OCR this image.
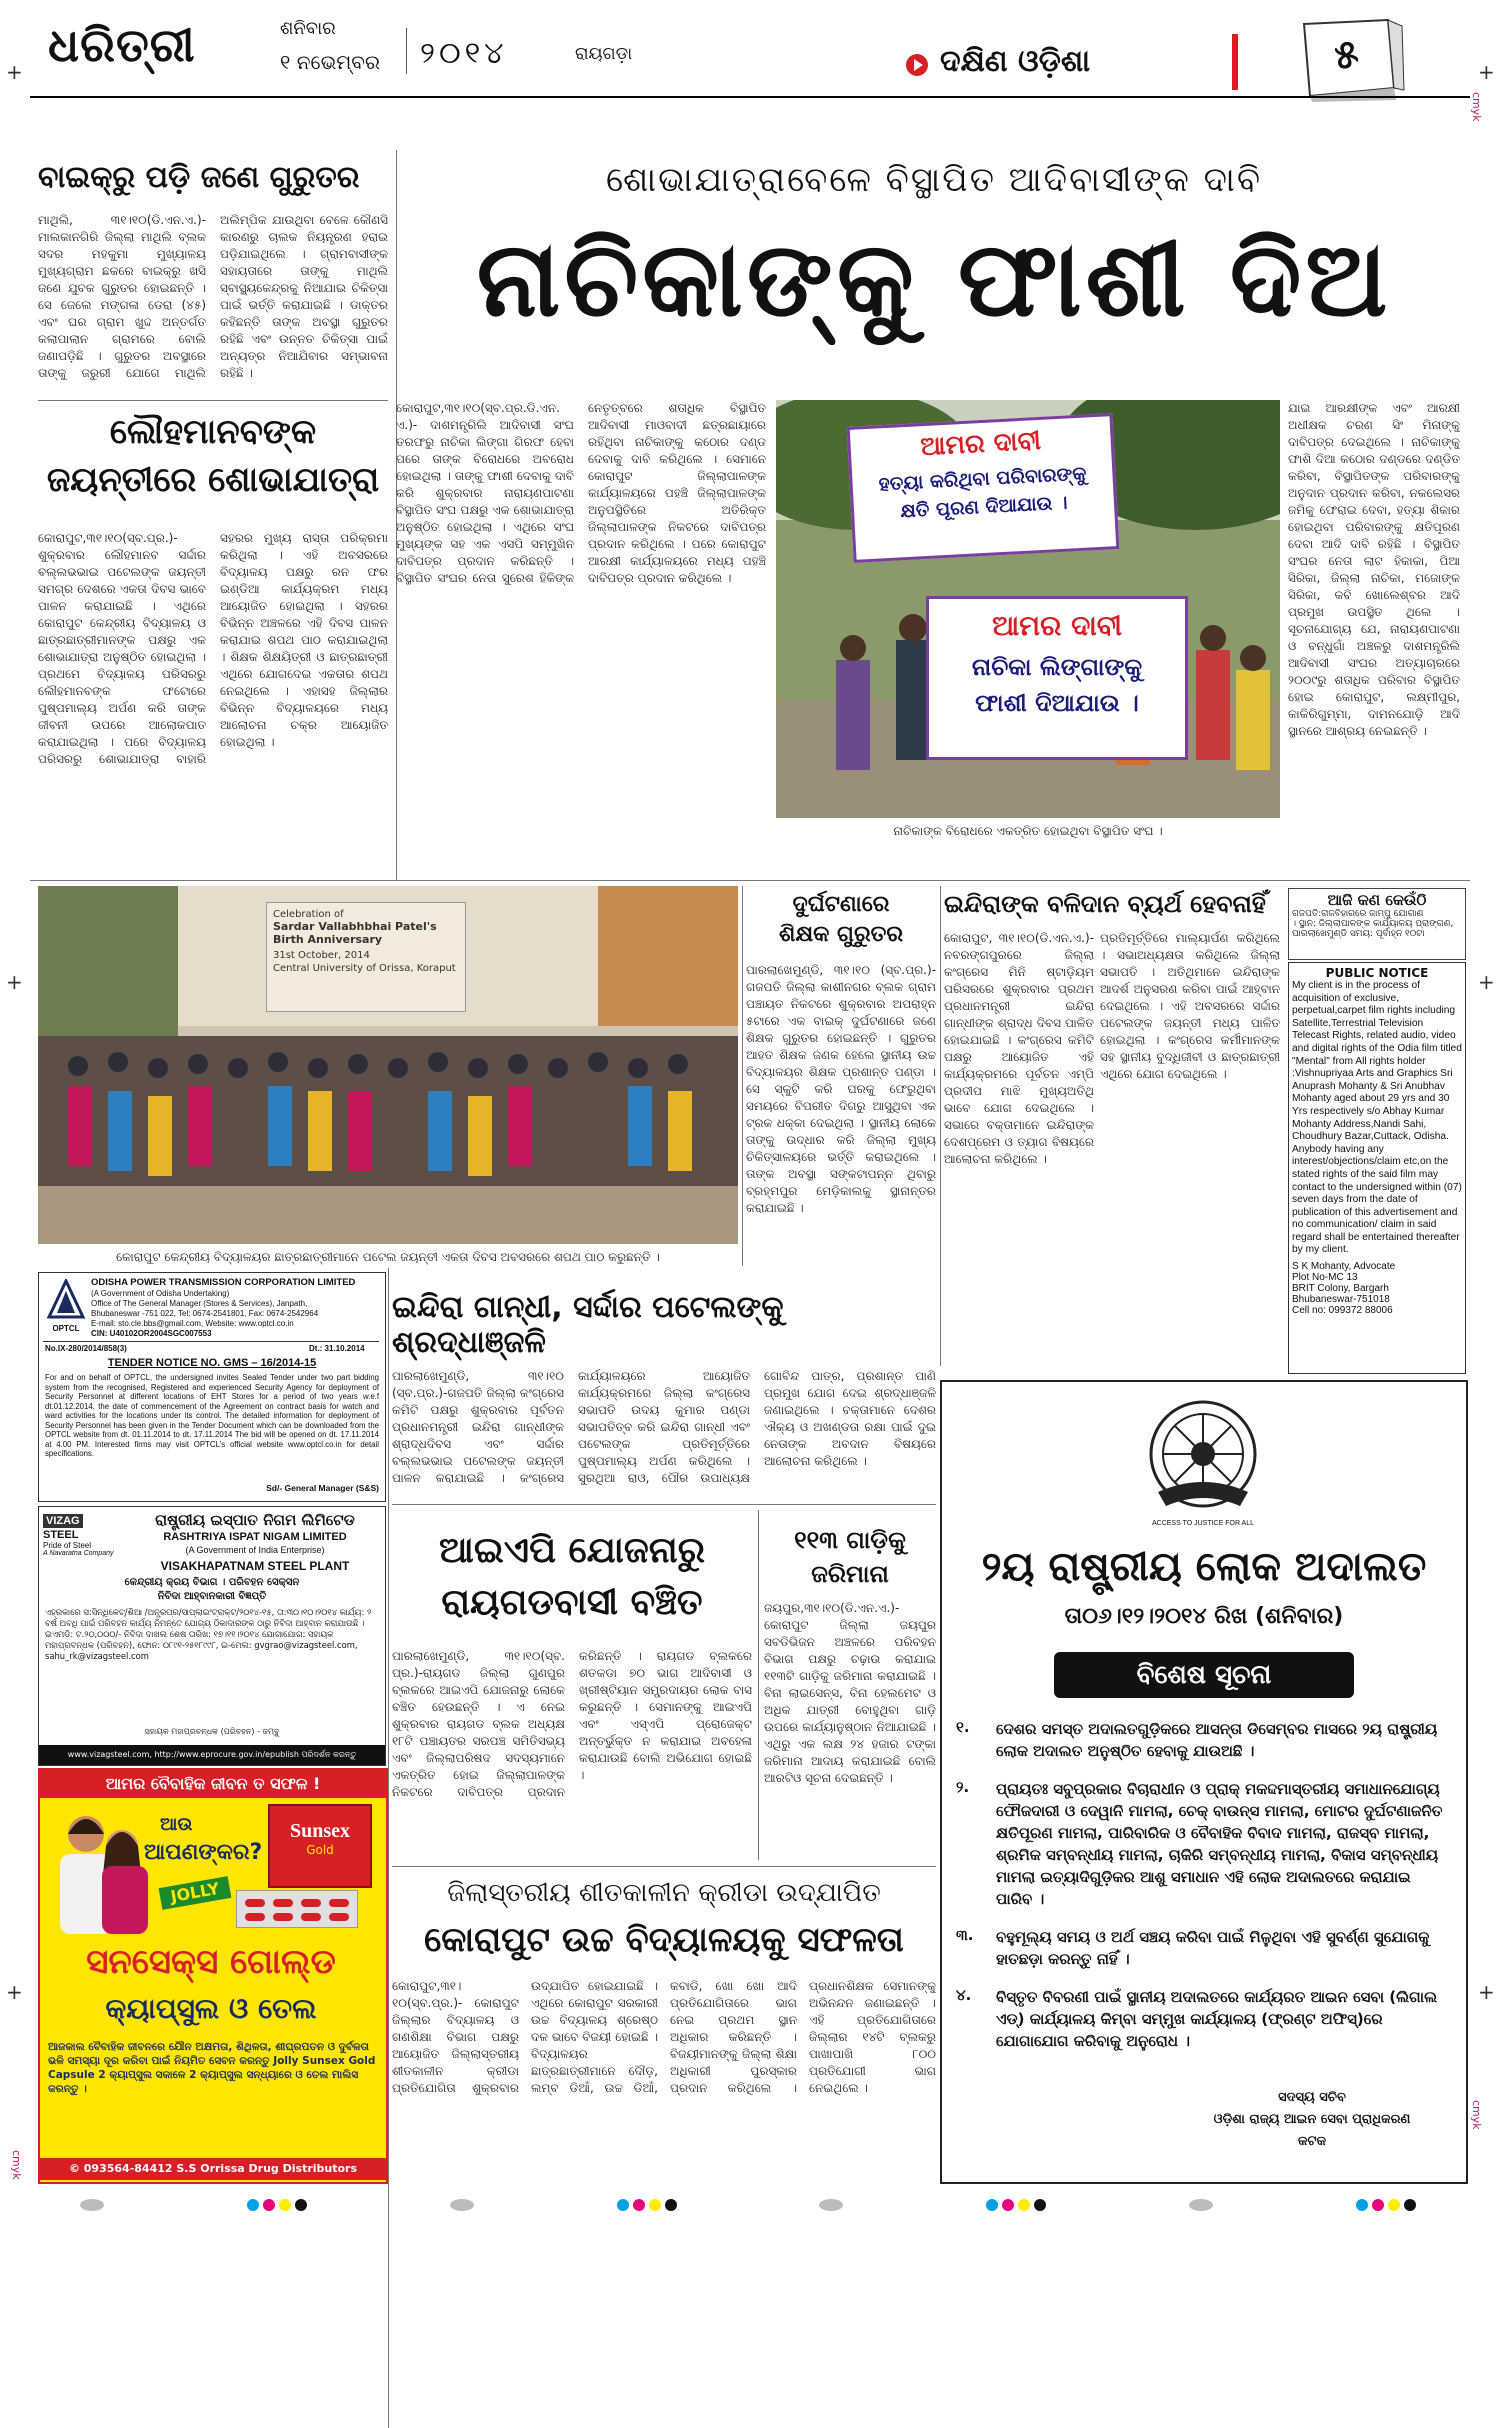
ଧରିତ୍ରୀ	ଶନିବାର
୧ ନଭେମ୍ବର ୨୦୧୪	ରାୟଗଡ଼ା	ଦକ୍ଷିଣ ଓଡ଼ିଶା	୫
+	+
+	+
+	+
cmyk
cmyk
cmyk
ବାଇକ୍‌ରୁ ପଡ଼ି ଜଣେ ଗୁରୁତର
ମାଥିଲି, ୩୧।୧୦(ଡି.ଏନ.ଏ.)- ମାଲକାନଗିରି ଜିଲ୍ଲା ମାଥିଲି ବ୍ଲକ ସଦର ମହକୁମା ମୁଖ୍ୟାଳୟ ମୁଖ୍ୟଗ୍ରାମ ଛକରେ ବାଇକ୍‌ରୁ ଖସି ଜଣେ ଯୁବକ ଗୁରୁତର ହୋଇଛନ୍ତି । ସେ ଜେଲେ ମଙ୍ଗଳା ଡେରା (୪୫) ଏବଂ ଘର ଗ୍ରାମ ଖୁଦ୍ଦ ଅନ୍ତର୍ଗତ କଲାପାଲାନ ଗ୍ରାମରେ ବୋଲି ଜଣାପଡ଼ିଛି । ଗୁରୁତର ଅବସ୍ଥାରେ ତାଙ୍କୁ ଜରୁରୀ ଯୋଗେ ମାଥିଲି ଅଲିମ୍ପିକ ଯାଉଥିବା ବେଳେ କୌଣସି କାରଣରୁ ଚାଲକ ନିୟନ୍ତ୍ରଣ ହରାଇ ପଡ଼ିଯାଇଥିଲେ । ଗ୍ରାମବାସୀଙ୍କ ସହାୟତାରେ ତାଙ୍କୁ ମାଥିଲି ସ୍ବାସ୍ଥ୍ୟକେନ୍ଦ୍ରକୁ ନିଆଯାଇ ଚିକିତ୍ସା ପାଇଁ ଭର୍ତ୍ତି କରାଯାଇଛି । ଡାକ୍ତର କହିଛନ୍ତି ତାଙ୍କ ଅବସ୍ଥା ଗୁରୁତର ରହିଛି ଏବଂ ଉନ୍ନତ ଚିକିତ୍ସା ପାଇଁ ଅନ୍ୟତ୍ର ନିଆଯିବାର ସମ୍ଭାବନା ରହିଛି ।
ଲୌହମାନବଙ୍କ
ଜୟନ୍ତୀରେ ଶୋଭାଯାତ୍ରା
କୋରାପୁଟ,୩୧।୧୦(ସ୍ବ.ପ୍ର.)- ଶୁକ୍ରବାର ଲୌହମାନବ ସର୍ଦ୍ଦାର ବଲ୍ଲଭଭାଇ ପଟେଲଙ୍କ ଜୟନ୍ତୀ ସମଗ୍ର ଦେଶରେ ଏକତା ଦିବସ ଭାବେ ପାଳନ କରାଯାଇଛି । ଏଥିରେ କୋରାପୁଟ କେନ୍ଦ୍ରୀୟ ବିଦ୍ୟାଳୟ ଓ ଛାତ୍ରଛାତ୍ରୀମାନଙ୍କ ପକ୍ଷରୁ ଏକ ଶୋଭାଯାତ୍ରା ଅନୁଷ୍ଠିତ ହୋଇଥିଲା । ପ୍ରଥମେ ବିଦ୍ୟାଳୟ ପରିସରରୁ ଲୌହମାନବଙ୍କ ଫଟୋରେ ପୁଷ୍ପମାଲ୍ୟ ଅର୍ପଣ କରି ତାଙ୍କ ଜୀବନୀ ଉପରେ ଆଲୋକପାତ କରାଯାଇଥିଲା । ପରେ ବିଦ୍ୟାଳୟ ପରିସରରୁ ଶୋଭାଯାତ୍ରା ବାହାରି ସହରର ମୁଖ୍ୟ ରାସ୍ତା ପରିକ୍ରମା କରିଥିଲା । ଏହି ଅବସରରେ ବିଦ୍ୟାଳୟ ପକ୍ଷରୁ ରନ ଫର ଇଣ୍ଡିଆ କାର୍ଯ୍ୟକ୍ରମ ମଧ୍ୟ ଆୟୋଜିତ ହୋଇଥିଲା । ସହରର ବିଭିନ୍ନ ଅଞ୍ଚଳରେ ଏହି ଦିବସ ପାଳନ କରାଯାଇ ଶପଥ ପାଠ କରାଯାଇଥିଲା । ଶିକ୍ଷକ ଶିକ୍ଷୟିତ୍ରୀ ଓ ଛାତ୍ରଛାତ୍ରୀ ଏଥିରେ ଯୋଗଦେଇ ଏକତାର ଶପଥ ନେଇଥିଲେ । ଏହାସହ ଜିଲ୍ଲାର ବିଭିନ୍ନ ବିଦ୍ୟାଳୟରେ ମଧ୍ୟ ଆଲୋଚନା ଚକ୍ର ଆୟୋଜିତ ହୋଇଥିଲା ।
ଶୋଭାଯାତ୍ରାବେଳେ ବିସ୍ଥାପିତ ଆଦିବାସୀଙ୍କ ଦାବି
ନାଚିକାଙ୍କୁ ଫାଶୀ ଦିଅ
କୋରାପୁଟ,୩୧।୧୦(ସ୍ବ.ପ୍ର.ଡି.ଏନ. ଏ.)- ଦାଶମନ୍ତ୍ରିଲି ଆଦିବାସୀ ସଂଘ ତରଫରୁ ନାଚିକା ଲିଙ୍ଗା ଗିରଫ ହେବା ପରେ ତାଙ୍କ ବିରୋଧରେ ଅବରୋଧ ହୋଇଥିଲା । ତାଙ୍କୁ ଫାଶୀ ଦେବାକୁ ଦାବି କରି ଶୁକ୍ରବାର ନାରାୟଣପାଟଣା ବିସ୍ଥାପିତ ସଂଘ ପକ୍ଷରୁ ଏକ ଶୋଭାଯାତ୍ରା ଅନୁଷ୍ଠିତ ହୋଇଥିଲା । ଏଥିରେ ସଂଘ ମୁଖ୍ୟଙ୍କ ସହ ଏକ ଏସପି ସମ୍ମୁଖିନ ଦାବିପତ୍ର ପ୍ରଦାନ କରିଛନ୍ତି । ବିସ୍ଥାପିତ ସଂଘର ନେତା ସୁରେଶ ହିକିଙ୍କ ନେତୃତ୍ବରେ ଶତାଧିକ ବିସ୍ଥାପିତ ଆଦିବାସୀ ମାଓବାଦୀ ଛତ୍ରଛାୟାରେ ରହିଥିବା ନାଚିକାଙ୍କୁ କଠୋର ଦଣ୍ଡ ଦେବାକୁ ଦାବି କରିଥିଲେ । ସେମାନେ କୋରାପୁଟ ଜିଲ୍ଲାପାଳଙ୍କ କାର୍ଯ୍ୟାଳୟରେ ପହଞ୍ଚି ଜିଲ୍ଲାପାଳଙ୍କ ଅନୁପସ୍ଥିତିରେ ଅତିରିକ୍ତ ଜିଲ୍ଲାପାଳଙ୍କ ନିକଟରେ ଦାବିପତ୍ର ପ୍ରଦାନ କରିଥିଲେ । ପରେ କୋରାପୁଟ ଆରକ୍ଷୀ କାର୍ଯ୍ୟାଳୟରେ ମଧ୍ୟ ପହଞ୍ଚି ଦାବିପତ୍ର ପ୍ରଦାନ କରିଥିଲେ ।
ଆମର ଦାବୀ
ହତ୍ୟା କରିଥିବା ପରିବାରଙ୍କୁ
କ୍ଷତି ପୂରଣ ଦିଆଯାଉ ।
ଆମର ଦାବୀ
ନାଚିକା ଲିଙ୍ଗାଙ୍କୁ
ଫାଶୀ ଦିଆଯାଉ ।
ନାଚିକାଙ୍କ ବିରୋଧରେ ଏକତ୍ରିତ ହୋଇଥିବା ବିସ୍ଥାପିତ ସଂଘ ।
ଯାଇ ଆରକ୍ଷୀଙ୍କ ଏବଂ ଆରକ୍ଷୀ ଅଧୀକ୍ଷକ ଚରଣ ସିଂ ମିନାଙ୍କୁ ଦାବିପତ୍ର ଦେଇଥିଲେ । ନାଚିକାଙ୍କୁ ଫାଶି ଦିଆ କଠୋର ଦଣ୍ଡରେ ଦଣ୍ଡିତ କରିବା, ବିସ୍ଥାପିତଙ୍କ ପରିବାରଙ୍କୁ ଅନୁଦାନ ପ୍ରଦାନ କରିବା, ନକଲେସର ଜମିକୁ ଫେରାଇ ଦେବା, ହତ୍ୟା ଶିକାର ହୋଇଥିବା ପରିବାରଙ୍କୁ କ୍ଷତିପୂରଣ ଦେବା ଆଦି ଦାବି ରହିଛି । ବିସ୍ଥାପିତ ସଂଘର ନେତା ଲାଟ ହିକାକା, ପିଆ ସିରିକା, ଜିଲ୍ଲା ନାଚିକା, ମଜୋଙ୍କ ସିରିକା, କବି ଖୋଲେଶ୍ବର ଆଦି ପ୍ରମୁଖ ଉପସ୍ଥିତ ଥିଲେ । ସୂଚନାଯୋଗ୍ୟ ଯେ, ନାରାୟଣପାଟଣା ଓ ବନ୍ଧୁଗାଁ ଅଞ୍ଚଳରୁ ଦାଶମନ୍ତ୍ରିଲି ଆଦିବାସୀ ସଂଘର ଅତ୍ୟାଚାରରେ ୨୦୦୯ରୁ ଶତାଧିକ ପରିବାର ବିସ୍ଥାପିତ ହୋଇ କୋରାପୁଟ, ଲକ୍ଷ୍ମୀପୁର, କାକିରିଗୁମ୍ମା, ଦାମନଯୋଡ଼ି ଆଦି ସ୍ଥାନରେ ଆଶ୍ରୟ ନେଇଛନ୍ତି ।
Celebration of
Sardar Vallabhbhai Patel's
Birth Anniversary
31st October, 2014
Central University of Orissa, Koraput
କୋରାପୁଟ କେନ୍ଦ୍ରୀୟ ବିଦ୍ୟାଳୟର ଛାତ୍ରଛାତ୍ରୀମାନେ ପଟେଲ ଜୟନ୍ତୀ ଏକତା ଦିବସ ଅବସରରେ ଶପଥ ପାଠ କରୁଛନ୍ତି ।
ଦୁର୍ଘଟଣାରେ
ଶିକ୍ଷକ ଗୁରୁତର
ପାରଲାଖେମୁଣ୍ଡି, ୩୧।୧୦ (ସ୍ବ.ପ୍ର.)-ଗଜପତି ଜିଲ୍ଲା କାଶୀନଗର ବ୍ଲକ ଗ୍ରାମ ପଞ୍ଚାୟତ ନିକଟରେ ଶୁକ୍ରବାର ଅପରାହ୍ନ ୫ଟାରେ ଏକ ବାଇକ୍ ଦୁର୍ଘଟଣାରେ ଜଣେ ଶିକ୍ଷକ ଗୁରୁତର ହୋଇଛନ୍ତି । ଗୁରୁତର ଆହତ ଶିକ୍ଷକ ଜଣକ ହେଲେ ସ୍ଥାନୀୟ ଉଚ୍ଚ ବିଦ୍ୟାଳୟର ଶିକ୍ଷକ ପ୍ରଶାନ୍ତ ପଣ୍ଡା । ସେ ସ୍କୁଟି କରି ଘରକୁ ଫେରୁଥିବା ସମୟରେ ବିପରୀତ ଦିଗରୁ ଆସୁଥିବା ଏକ ଟ୍ରକ ଧକ୍କା ଦେଇଥିଲା । ସ୍ଥାନୀୟ ଲୋକେ ତାଙ୍କୁ ଉଦ୍ଧାର କରି ଜିଲ୍ଲା ମୁଖ୍ୟ ଚିକିତ୍ସାଳୟରେ ଭର୍ତ୍ତି କରାଇଥିଲେ । ତାଙ୍କ ଅବସ୍ଥା ସଙ୍କଟାପନ୍ନ ଥିବାରୁ ବ୍ରହ୍ମପୁର ମେଡ଼ିକାଲକୁ ସ୍ଥାନାନ୍ତର କରାଯାଇଛି ।
ଇନ୍ଦିରାଙ୍କ ବଳିଦାନ ବ୍ୟର୍ଥ ହେବନାହିଁ
କୋରାପୁଟ, ୩୧।୧୦(ଡି.ଏନ.ଏ.)- ନବରଙ୍ଗପୁରରେ ଜିଲ୍ଲା କଂଗ୍ରେସ ମିନି ଷ୍ଟାଡ଼ିୟମ ପରିସରରେ ଶୁକ୍ରବାର ପ୍ରଥମ ପ୍ରଧାନମନ୍ତ୍ରୀ ଇନ୍ଦିରା ଗାନ୍ଧୀଙ୍କ ଶ୍ରାଦ୍ଧ ଦିବସ ପାଳିତ ହୋଇଯାଇଛି । କଂଗ୍ରେସ କମିଟି ପକ୍ଷରୁ ଆୟୋଜିତ ଏହି କାର୍ଯ୍ୟକ୍ରମରେ ପୂର୍ବତନ ଏମ୍ପି ପ୍ରଦୀପ ମାଝି ମୁଖ୍ୟଅତିଥି ଭାବେ ଯୋଗ ଦେଇଥିଲେ । ସଭାରେ ବକ୍ତାମାନେ ଇନ୍ଦିରାଙ୍କ ଦେଶପ୍ରେମ ଓ ତ୍ୟାଗ ବିଷୟରେ ଆଲୋଚନା କରିଥିଲେ ।
ପ୍ରତିମୂର୍ତ୍ତିରେ ମାଲ୍ୟାର୍ପଣ କରିଥିଲେ । ସଭାଅଧ୍ୟକ୍ଷତା କରିଥିଲେ ଜିଲ୍ଲା ସଭାପତି । ଅତିଥିମାନେ ଇନ୍ଦିରାଙ୍କ ଆଦର୍ଶ ଅନୁସରଣ କରିବା ପାଇଁ ଆହ୍ବାନ ଦେଇଥିଲେ । ଏହି ଅବସରରେ ସର୍ଦ୍ଦାର ପଟେଲଙ୍କ ଜୟନ୍ତୀ ମଧ୍ୟ ପାଳିତ ହୋଇଥିଲା । କଂଗ୍ରେସ କର୍ମୀମାନଙ୍କ ସହ ସ୍ଥାନୀୟ ବୁଦ୍ଧିଜୀବୀ ଓ ଛାତ୍ରଛାତ୍ରୀ ଏଥିରେ ଯୋଗ ଦେଇଥିଲେ ।
ଆଜି କଣ କେଉଁଠି
ଗଜପତି:ରାଜବିହାରରେ ଜାମ୍ପୁ ଯୋଗାଣ
। ସ୍ଥାନ: ଜିଲ୍ଲାପାଳଙ୍କ କାର୍ଯ୍ୟାଳୟ ପ୍ରାଙ୍ଗଣ,
ପାରଲାଖେମୁଣ୍ଡି ସମୟ: ପୂର୍ବାହ୍ନ ୧୦ଟା
PUBLIC NOTICE
My client is in the process of acquisition of exclusive, perpetual,carpet film rights including Satellite,Terrestrial Television Telecast Rights, related audio, video and digital rights of the Odia film titled "Mental" from All rights holder :Vishnupriyaa Arts and Graphics Sri Anuprash Mohanty & Sri Anubhav Mohanty aged about 29 yrs and 30 Yrs respectively s/o Abhay Kumar Mohanty Address,Nandi Sahi, Choudhury Bazar,Cuttack, Odisha. Anybody having any interest/objections/claim etc,on the stated rights of the said film may contact to the undersigned within (07) seven days from the date of publication of this advertisement and no communication/ claim in said regard shall be entertained thereafter by my client.
S K Mohanty, Advocate
Plot No-MC 13
BRIT Colony, Bargarh
Bhubaneswar-751018
Cell no: 099372 88006
OPTCL
ODISHA POWER TRANSMISSION CORPORATION LIMITED
(A Government of Odisha Undertaking)
Office of The General Manager (Stores & Services), Janpath,
Bhubaneswar -751 022, Tel: 0674-2541801, Fax: 0674-2542964
E-mail: sto.cle.bbs@gmail.com, Website: www.optcl.co.in
CIN: U40102OR2004SGC007553
No.IX-280/2014/858(3)	Dt.: 31.10.2014
TENDER NOTICE NO. GMS – 16/2014-15
For and on behalf of OPTCL, the undersigned invites Sealed Tender under two part bidding system from the recognised, Registered and experienced Security Agency for deployment of Security Personnel at different locations of EHT Stores for a period of two years w.e.f dt.01.12.2014, the date of commencement of the Agreement on contract basis for watch and ward activities for the locations under its control. The detailed information for deployment of Security Personnel has been given in the Tender Document which can be downloaded from the OPTCL website from dt. 01.11.2014 to dt. 17.11.2014 The bid will be opened on dt. 17.11.2014 at 4.00 PM. Interested firms may visit OPTCL's official website www.optcl.co.in for detail specifications.
Sd/- General Manager (S&S)
ଇନ୍ଦିରା ଗାନ୍ଧୀ, ସର୍ଦ୍ଦାର ପଟେଲଙ୍କୁ ଶ୍ରଦ୍ଧାଞ୍ଜଳି
ପାରଲାଖେମୁଣ୍ଡି, ୩୧।୧୦ (ସ୍ବ.ପ୍ର.)-ଗଜପତି ଜିଲ୍ଲା କଂଗ୍ରେସ କମିଟି ପକ୍ଷରୁ ଶୁକ୍ରବାର ପୂର୍ବତନ ପ୍ରଧାନମନ୍ତ୍ରୀ ଇନ୍ଦିରା ଗାନ୍ଧୀଙ୍କ ଶ୍ରାଦ୍ଧଦିବସ ଏବଂ ସର୍ଦ୍ଦାର ବଲ୍ଲଭଭାଇ ପଟେଲଙ୍କ ଜୟନ୍ତୀ ପାଳନ କରାଯାଇଛି । କଂଗ୍ରେସ କାର୍ଯ୍ୟାଳୟରେ ଆୟୋଜିତ କାର୍ଯ୍ୟକ୍ରମରେ ଜିଲ୍ଲା କଂଗ୍ରେସ ସଭାପତି ଉଦୟ କୁମାର ପଣ୍ଡା ସଭାପତିତ୍ବ କରି ଇନ୍ଦିରା ଗାନ୍ଧୀ ଏବଂ ପଟେଲଙ୍କ ପ୍ରତିମୂର୍ତ୍ତିରେ ପୁଷ୍ପମାଲ୍ୟ ଅର୍ପଣ କରିଥିଲେ । ସୁରଥିଆ ରାଓ, ପୌର ଉପାଧ୍ୟକ୍ଷ ଗୋବିନ୍ଦ ପାତ୍ର, ପ୍ରଶାନ୍ତ ପାଣି ପ୍ରମୁଖ ଯୋଗ ଦେଇ ଶ୍ରଦ୍ଧାଞ୍ଜଳି ଜଣାଇଥିଲେ । ବକ୍ତାମାନେ ଦେଶର ଐକ୍ୟ ଓ ଅଖଣ୍ଡତା ରକ୍ଷା ପାଇଁ ଦୁଇ ନେତାଙ୍କ ଅବଦାନ ବିଷୟରେ ଆଲୋଚନା କରିଥିଲେ ।
VIZAG
STEEL
Pride of Steel
A Navaratna Company
ରାଷ୍ଟ୍ରୀୟ ଇସ୍ପାତ ନିଗମ ଲିମିଟେଡ
RASHTRIYA ISPAT NIGAM LIMITED
(A Government of India Enterprise)
VISAKHAPATNAM STEEL PLANT
କେନ୍ଦ୍ରୀୟ କ୍ରୟ ବିଭାଗ । ପରିବହନ ସେକ୍ସନ
ନିବିଦା ଆହ୍ବାନକାରୀ ବିଜ୍ଞପ୍ତି
ଏହ୍ରକାରେ ସ:ସିନ୍ଧିକେଟ୍/ଶିଆ /ଅନ୍ଧ୍ରପ୍ର/ସାପ୍ଲାଇଂଟ୍ରାକ୍ଟ/୨୦୧୪-୧୫, ତା:୩୦।୧୦।୨୦୧୪ କାର୍ଯ୍ୟ: ୨ ବର୍ଷ ଅବଧି ପାଇଁ ପରିବହନ କାର୍ଯ୍ୟ ନିମନ୍ତେ ଯୋଗ୍ୟ ଠିକାଦାରଙ୍କ ଠାରୁ ନିବିଦା ଆହ୍ବାନ କରାଯାଉଛି । ଇଏମଡି: ଟ.୨୦,୦୦୦/- ନିବିଦା ଦାଖଲ ଶେଷ ତାରିଖ: ୧୭।୧୧।୨୦୧୪ ଯୋଗାଯୋଗ: ସହାୟକ ମହାପ୍ରବନ୍ଧକ (ପରିବହନ), ଫୋନ: ୦୮୯୧-୨୫୧୮୯୯୮, ଇ-ମେଲ: gvgrao@vizagsteel.com, sahu_rk@vizagsteel.com
ସହାୟକ ମହାପ୍ରବନ୍ଧକ (ପରିବହନ) - ଜମ୍ବୁ
www.vizagsteel.com, http://www.eprocure.gov.in/epublish ପରିଦର୍ଶନ କରନ୍ତୁ
ଆଇଏପି ଯୋଜନାରୁ
ରାୟଗଡବାସୀ ବଞ୍ଚିତ
ପାରଲାଖେମୁଣ୍ଡି, ୩୧।୧୦(ସ୍ବ. ପ୍ର.)-ରାୟଗଡ ଜିଲ୍ଲା ଗୁଣପୁର ବ୍ଲକରେ ଆଇଏପି ଯୋଜନାରୁ ଲୋକେ ବଞ୍ଚିତ ହେଉଛନ୍ତି । ଏ ନେଇ ଶୁକ୍ରବାର ରାୟଗଡ ବ୍ଲକ ଅଧ୍ୟକ୍ଷ ୧୮ଟି ପଞ୍ଚାୟତର ସରପଞ୍ଚ ସମିତିସଭ୍ୟ ଏବଂ ଜିଲ୍ଲାପରିଷଦ ସଦସ୍ୟମାନେ ଏକତ୍ରିତ ହୋଇ ଜିଲ୍ଲାପାଳଙ୍କ ନିକଟରେ ଦାବିପତ୍ର ପ୍ରଦାନ କରିଛନ୍ତି । ରାୟଗଡ ବ୍ଲକରେ ଶତକଡା ୭୦ ଭାଗ ଆଦିବାସୀ ଓ ଖ୍ରୀଷ୍ଟିୟାନ ସମ୍ପ୍ରଦାୟର ଲୋକ ବାସ କରୁଛନ୍ତି । ସେମାନଙ୍କୁ ଆଇଏପି ଏବଂ ଏସ୍‌ଏପି ପ୍ରୋଜେକ୍ଟ ଅନ୍ତର୍ଭୁକ୍ତ ନ କରାଯାଇ ଅବହେଳା କରାଯାଉଛି ବୋଲି ଅଭିଯୋଗ ହୋଇଛି ।
୧୧୩ ଗାଡ଼ିକୁ
ଜରିମାନା
ଜୟପୁର,୩୧।୧୦(ଡି.ଏନ.ଏ.)- କୋରାପୁଟ ଜିଲ୍ଲା ଜୟପୁର ସବଡିଭିଜନ ଅଞ୍ଚଳରେ ପରିବହନ ବିଭାଗ ପକ୍ଷରୁ ଚଢ଼ାଉ କରାଯାଇ ୧୧୩ଟି ଗାଡ଼ିକୁ ଜରିମାନା କରାଯାଇଛି । ବିନା ଲାଇସେନ୍ସ, ବିନା ହେଲମେଟ ଓ ଅଧିକ ଯାତ୍ରୀ ବୋହୁଥିବା ଗାଡ଼ି ଉପରେ କାର୍ଯ୍ୟାନୁଷ୍ଠାନ ନିଆଯାଇଛି । ଏଥିରୁ ଏକ ଲକ୍ଷ ୨୪ ହଜାର ଟଙ୍କା ଜରିମାନା ଆଦାୟ କରାଯାଇଛି ବୋଲି ଆରଟିଓ ସୂଚନା ଦେଇଛନ୍ତି ।
ଜିଲାସ୍ତରୀୟ ଶୀତକାଳୀନ କ୍ରୀଡା ଉଦ୍‌ଯାପିତ
କୋରାପୁଟ ଉଚ୍ଚ ବିଦ୍ୟାଳୟକୁ ସଫଳତା
କୋରାପୁଟ,୩୧।୧୦(ସ୍ବ.ପ୍ର.)- କୋରାପୁଟ ଜିଲ୍ଲାର ବିଦ୍ୟାଳୟ ଓ ଗଣଶିକ୍ଷା ବିଭାଗ ପକ୍ଷରୁ ଆୟୋଜିତ ଜିଲ୍ଲାସ୍ତରୀୟ ଶୀତକାଳୀନ କ୍ରୀଡା ପ୍ରତିଯୋଗିତା ଶୁକ୍ରବାର ଉଦ୍‌ଯାପିତ ହୋଇଯାଇଛି । ଏଥିରେ କୋରାପୁଟ ସରକାରୀ ଉଚ୍ଚ ବିଦ୍ୟାଳୟ ଶ୍ରେଷ୍ଠ ଦଳ ଭାବେ ବିଜୟୀ ହୋଇଛି । ବିଦ୍ୟାଳୟର ଛାତ୍ରଛାତ୍ରୀମାନେ ଦୌଡ଼, ଲମ୍ବ ଡିଆଁ, ଉଚ୍ଚ ଡିଆଁ, କବାଡି, ଖୋ ଖୋ ଆଦି ପ୍ରତିଯୋଗିତାରେ ଭାଗ ନେଇ ପ୍ରଥମ ସ୍ଥାନ ଅଧିକାର କରିଛନ୍ତି । ବିଜୟୀମାନଙ୍କୁ ଜିଲ୍ଲା ଶିକ୍ଷା ଅଧିକାରୀ ପୁରସ୍କାର ପ୍ରଦାନ କରିଥିଲେ । ପ୍ରଧାନଶିକ୍ଷକ ସେମାନଙ୍କୁ ଅଭିନନ୍ଦନ ଜଣାଇଛନ୍ତି । ଏହି ପ୍ରତିଯୋଗିତାରେ ଜିଲ୍ଲାର ୧୪ଟି ବ୍ଲକରୁ ପାଖାପାଖି ୮୦୦ ପ୍ରତିଯୋଗୀ ଭାଗ ନେଇଥିଲେ ।
ଆମର ବୈବାହିକ ଜୀବନ ତ ସଫଳ !
ଆଉ
ଆପଣଙ୍କର?
Sunsex
Gold
JOLLY
ସନସେକ୍ସ ଗୋଲ୍ଡ
କ୍ୟାପ୍‌ସୁଲ ଓ ତେଲ
ଆଜକାଲ ବୈବାହିକ ଜୀବନରେ ଯୌନ ଅକ୍ଷମତା, ଶିଥିଳତା, ଶୀଘ୍ରପତନ ଓ ଦୁର୍ବଳତା ଭଳି ସମସ୍ୟା ଦୂର କରିବା ପାଇଁ ନିୟମିତ ସେବନ କରନ୍ତୁ Jolly Sunsex Gold Capsule 2 କ୍ୟାପ୍‌ସୁଲ ସକାଳେ 2 କ୍ୟାପ୍‌ସୁଲ ସନ୍ଧ୍ୟାରେ ଓ ତେଲ ମାଲିସ କରନ୍ତୁ ।
© 093564-84412 S.S Orrissa Drug Distributors
ACCESS TO JUSTICE FOR ALL
୨ୟ ରାଷ୍ଟ୍ରୀୟ ଲୋକ ଅଦାଲତ
ତା୦୬।୧୨।୨୦୧୪ ରିଖ (ଶନିବାର)
ବିଶେଷ ସୂଚନା
୧.	ଦେଶର ସମସ୍ତ ଅଦାଲତଗୁଡ଼ିକରେ ଆସନ୍ତା ଡିସେମ୍ବର ମାସରେ ୨ୟ ରାଷ୍ଟ୍ରୀୟ ଲୋକ ଅଦାଲତ ଅନୁଷ୍ଠିତ ହେବାକୁ ଯାଉଅଛି ।
୨.	ପ୍ରାୟତଃ ସବୁପ୍ରକାର ବିଚାରାଧୀନ ଓ ପ୍ରାକ୍ ମକଦ୍ଦମାସ୍ତରୀୟ ସମାଧାନଯୋଗ୍ୟ ଫୌଜଦାରୀ ଓ ଦେୱାନି ମାମଲା, ଚେକ୍ ବାଉନ୍ସ ମାମଲା, ମୋଟର ଦୁର୍ଘଟଣାଜନିତ କ୍ଷତିପୂରଣ ମାମଲା, ପାରିବାରିକ ଓ ବୈବାହିକ ବିବାଦ ମାମଲା, ରାଜସ୍ବ ମାମଲା, ଶ୍ରମିକ ସମ୍ବନ୍ଧୀୟ ମାମଲା, ଚାକିରି ସମ୍ବନ୍ଧୀୟ ମାମଲା, ବିକାସ ସମ୍ବନ୍ଧୀୟ ମାମଲା ଇତ୍ୟାଦିଗୁଡ଼ିକର ଆଶୁ ସମାଧାନ ଏହି ଲୋକ ଅଦାଲତରେ କରାଯାଇ ପାରିବ ।
୩.	ବହୁମୂଲ୍ୟ ସମୟ ଓ ଅର୍ଥ ସଞ୍ଚୟ କରିବା ପାଇଁ ମିଳୁଥିବା ଏହି ସୁବର୍ଣ୍ଣ ସୁଯୋଗକୁ ହାତଛଡ଼ା କରନ୍ତୁ ନାହିଁ ।
୪.	ବିସ୍ତୃତ ବିବରଣୀ ପାଇଁ ସ୍ଥାନୀୟ ଅଦାଲତରେ କାର୍ଯ୍ୟରତ ଆଇନ ସେବା (ଲିଗାଲ ଏଡ୍) କାର୍ଯ୍ୟାଳୟ କିମ୍ବା ସମ୍ମୁଖ କାର୍ଯ୍ୟାଳୟ (ଫ୍ରଣ୍ଟ ଅଫିସ୍)ରେ ଯୋଗାଯୋଗ କରିବାକୁ ଅନୁରୋଧ ।
ସଦସ୍ୟ ସଚିବ
ଓଡ଼ିଶା ରାଜ୍ୟ ଆଇନ ସେବା ପ୍ରାଧିକରଣ
କଟକ
